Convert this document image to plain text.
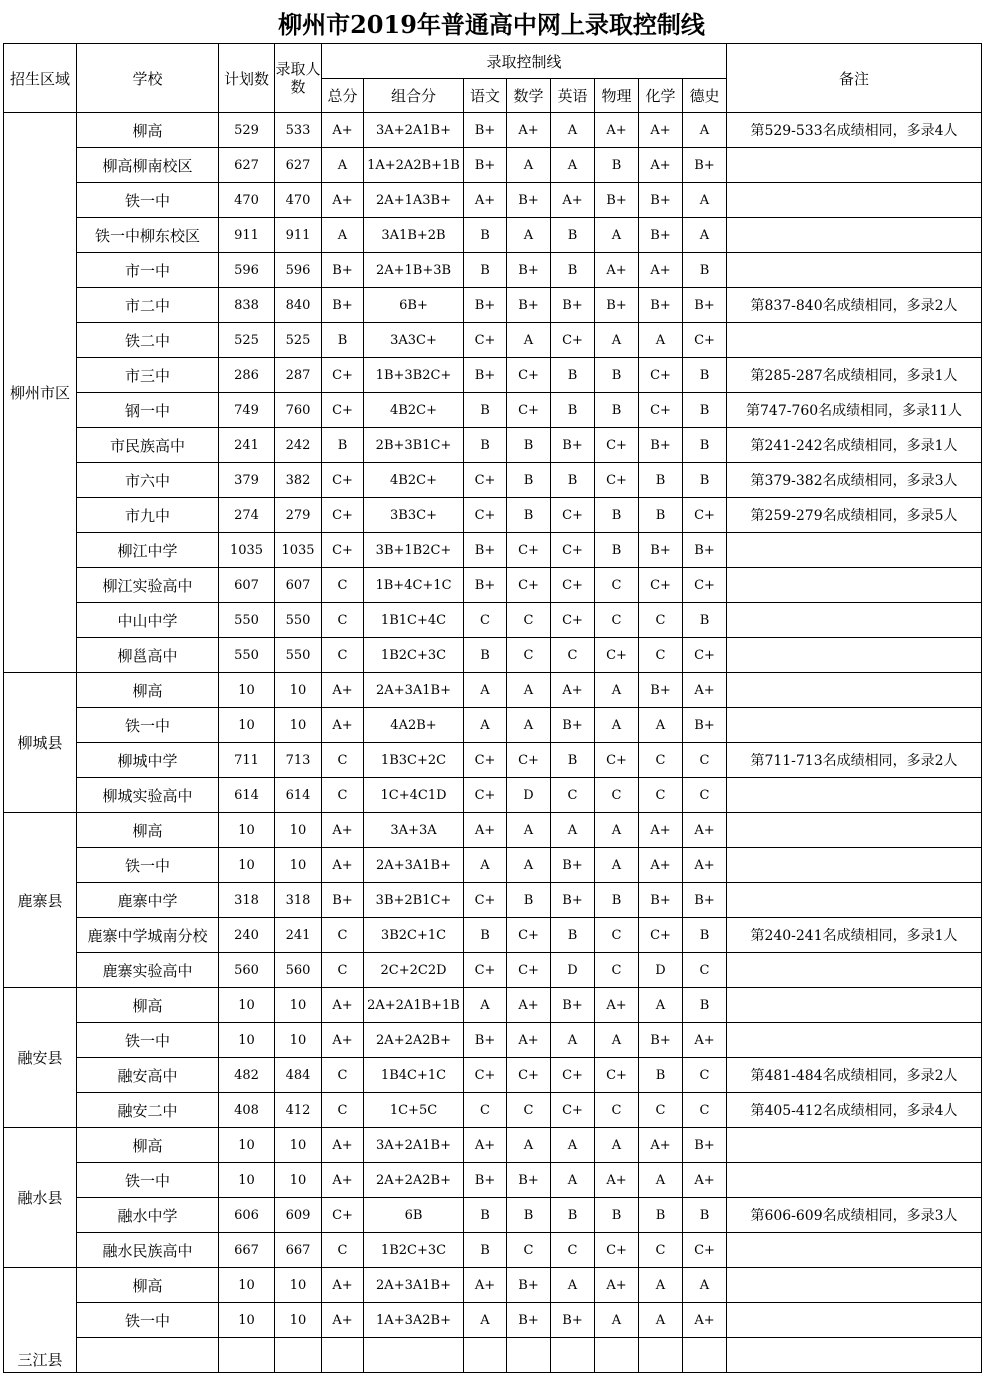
柳州市2019年普通高中网上录取控制线
招生区域	学校	计划数	录取人数	录取控制线								备注
				总分	组合分	语文	数学	英语	物理	化学	德史	
柳州市区	柳高	529	533	A+	3A+2A1B+	B+	A+	A	A+	A+	A	第529-533名成绩相同，多录4人
	柳高柳南校区	627	627	A	1A+2A2B+1B	B+	A	A	B	A+	B+	
	铁一中	470	470	A+	2A+1A3B+	A+	B+	A+	B+	B+	A	
	铁一中柳东校区	911	911	A	3A1B+2B	B	A	B	A	B+	A	
	市一中	596	596	B+	2A+1B+3B	B	B+	B	A+	A+	B	
	市二中	838	840	B+	6B+	B+	B+	B+	B+	B+	B+	第837-840名成绩相同，多录2人
	铁二中	525	525	B	3A3C+	C+	A	C+	A	A	C+	
	市三中	286	287	C+	1B+3B2C+	B+	C+	B	B	C+	B	第285-287名成绩相同，多录1人
	钢一中	749	760	C+	4B2C+	B	C+	B	B	C+	B	第747-760名成绩相同，多录11人
	市民族高中	241	242	B	2B+3B1C+	B	B	B+	C+	B+	B	第241-242名成绩相同，多录1人
	市六中	379	382	C+	4B2C+	C+	B	B	C+	B	B	第379-382名成绩相同，多录3人
	市九中	274	279	C+	3B3C+	C+	B	C+	B	B	C+	第259-279名成绩相同，多录5人
	柳江中学	1035	1035	C+	3B+1B2C+	B+	C+	C+	B	B+	B+	
	柳江实验高中	607	607	C	1B+4C+1C	B+	C+	C+	C	C+	C+	
	中山中学	550	550	C	1B1C+4C	C	C	C+	C	C	B	
	柳邕高中	550	550	C	1B2C+3C	B	C	C	C+	C	C+	
柳城县	柳高	10	10	A+	2A+3A1B+	A	A	A+	A	B+	A+	
	铁一中	10	10	A+	4A2B+	A	A	B+	A	A	B+	
	柳城中学	711	713	C	1B3C+2C	C+	C+	B	C+	C	C	第711-713名成绩相同，多录2人
	柳城实验高中	614	614	C	1C+4C1D	C+	D	C	C	C	C	
鹿寨县	柳高	10	10	A+	3A+3A	A+	A	A	A	A+	A+	
	铁一中	10	10	A+	2A+3A1B+	A	A	B+	A	A+	A+	
	鹿寨中学	318	318	B+	3B+2B1C+	C+	B	B+	B	B+	B+	
	鹿寨中学城南分校	240	241	C	3B2C+1C	B	C+	B	C	C+	B	第240-241名成绩相同，多录1人
	鹿寨实验高中	560	560	C	2C+2C2D	C+	C+	D	C	D	C	
融安县	柳高	10	10	A+	2A+2A1B+1B	A	A+	B+	A+	A	B	
	铁一中	10	10	A+	2A+2A2B+	B+	A+	A	A	B+	A+	
	融安高中	482	484	C	1B4C+1C	C+	C+	C+	C+	B	C	第481-484名成绩相同，多录2人
	融安二中	408	412	C	1C+5C	C	C	C+	C	C	C	第405-412名成绩相同，多录4人
融水县	柳高	10	10	A+	3A+2A1B+	A+	A	A	A	A+	B+	
	铁一中	10	10	A+	2A+2A2B+	B+	B+	A	A+	A	A+	
	融水中学	606	609	C+	6B	B	B	B	B	B	B	第606-609名成绩相同，多录3人
	融水民族高中	667	667	C	1B2C+3C	B	C	C	C+	C	C+	
三江县	柳高	10	10	A+	2A+3A1B+	A+	B+	A	A+	A	A	
	铁一中	10	10	A+	1A+3A2B+	A	B+	B+	A	A	A+	
